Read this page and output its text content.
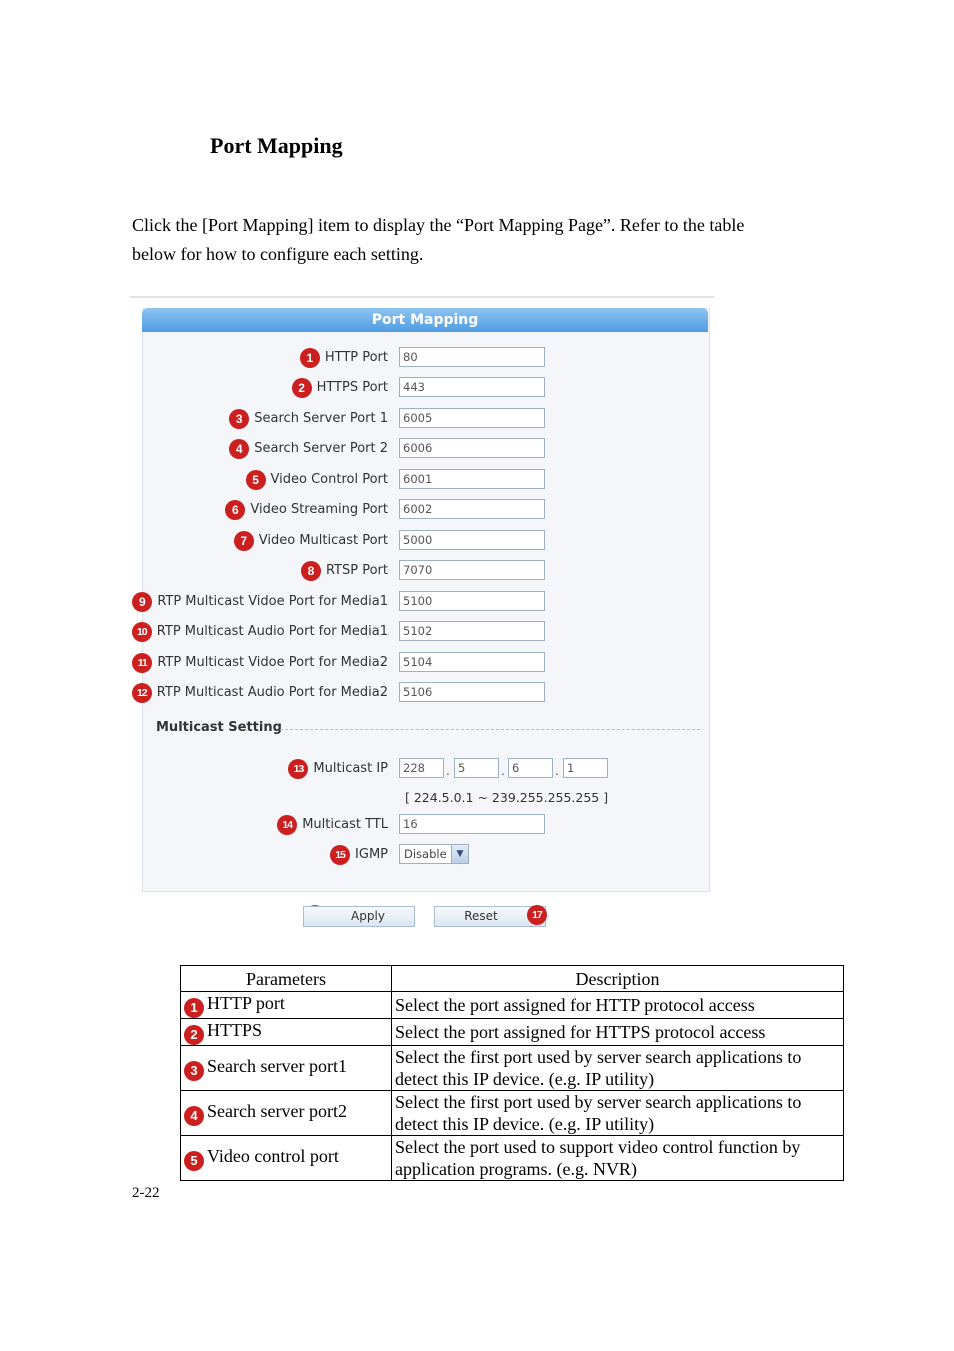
Port Mapping

Click the [Port Mapping] item to display the “Port Mapping Page”. Refer to the table

below for how to configure each setting.

Port Mapping
1 HTTP Port	80
2 HTTPS Port	443
3 Search Server Port 1	6005
4 Search Server Port 2	6006
5 Video Control Port	6001
6 Video Streaming Port	6002
7 Video Multicast Port	5000
8 RTSP Port	7070
9 RTP Multicast Vidoe Port for Media1	5100
10 RTP Multicast Audio Port for Media1	5102
11 RTP Multicast Vidoe Port for Media2	5104
12 RTP Multicast Audio Port for Media2	5106
Multicast Setting
13 Multicast IP	228	. 5	. 6	. 1
[ 224.5.0.1 ~ 239.255.255.255 ]
14 Multicast TTL	16
15 IGMP	Disable	▼
Apply	Reset	17
Parameters	Description
1 HTTP port	Select the port assigned for HTTP protocol access
2 HTTPS	Select the port assigned for HTTPS protocol access
3 Search server port1	Select the first port used by server search applications to detect this IP device. (e.g. IP utility)
4 Search server port2	Select the first port used by server search applications to detect this IP device. (e.g. IP utility)
5 Video control port	Select the port used to support video control function by application programs. (e.g. NVR)
2-22
